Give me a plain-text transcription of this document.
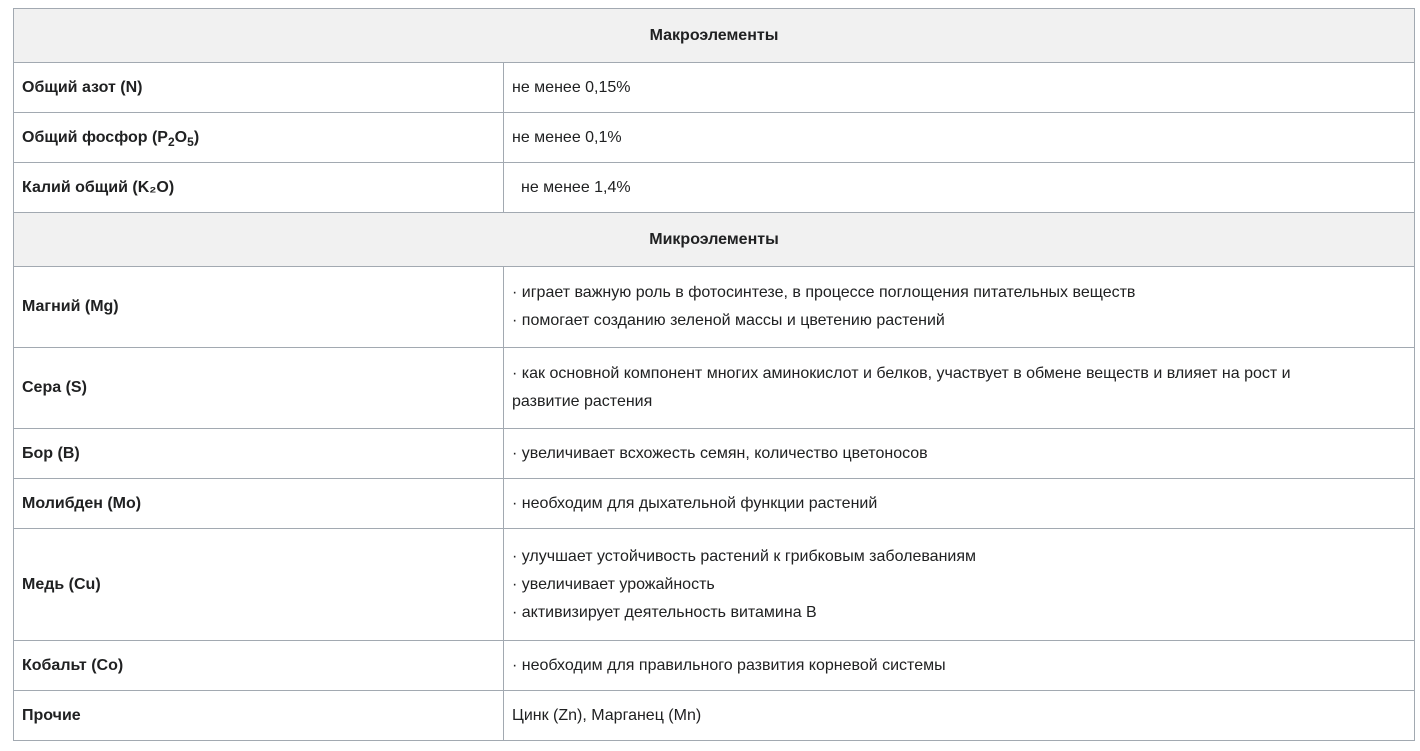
Макроэлементы	
Общий азот (N)	не менее 0,15%
Общий фосфор $(P_2O_5)$	не менее 0,1%
Калий общий (K₂O)	не менее 1,4%
Микроэлементы	
Магний (Mg)	· играет важную роль в фотосинтезе, в процессе поглощения питательных веществ
· помогает созданию зеленой массы и цветению растений

Сера (S)	· как основной компонент многих аминокислот и белков, участвует в обмене веществ и влияет на рост и
развитие растения

Бор (B)	· увеличивает всхожесть семян, количество цветоносов

Молибден (Mo)	· необходим для дыхательной функции растений

Медь (Cu)	· улучшает устойчивость растений к грибковым заболеваниям
· увеличивает урожайность
· активизирует деятельность витамина B

Кобальт (Co)	· необходим для правильного развития корневой системы

Прочие	Цинк (Zn), Марганец (Mn)
